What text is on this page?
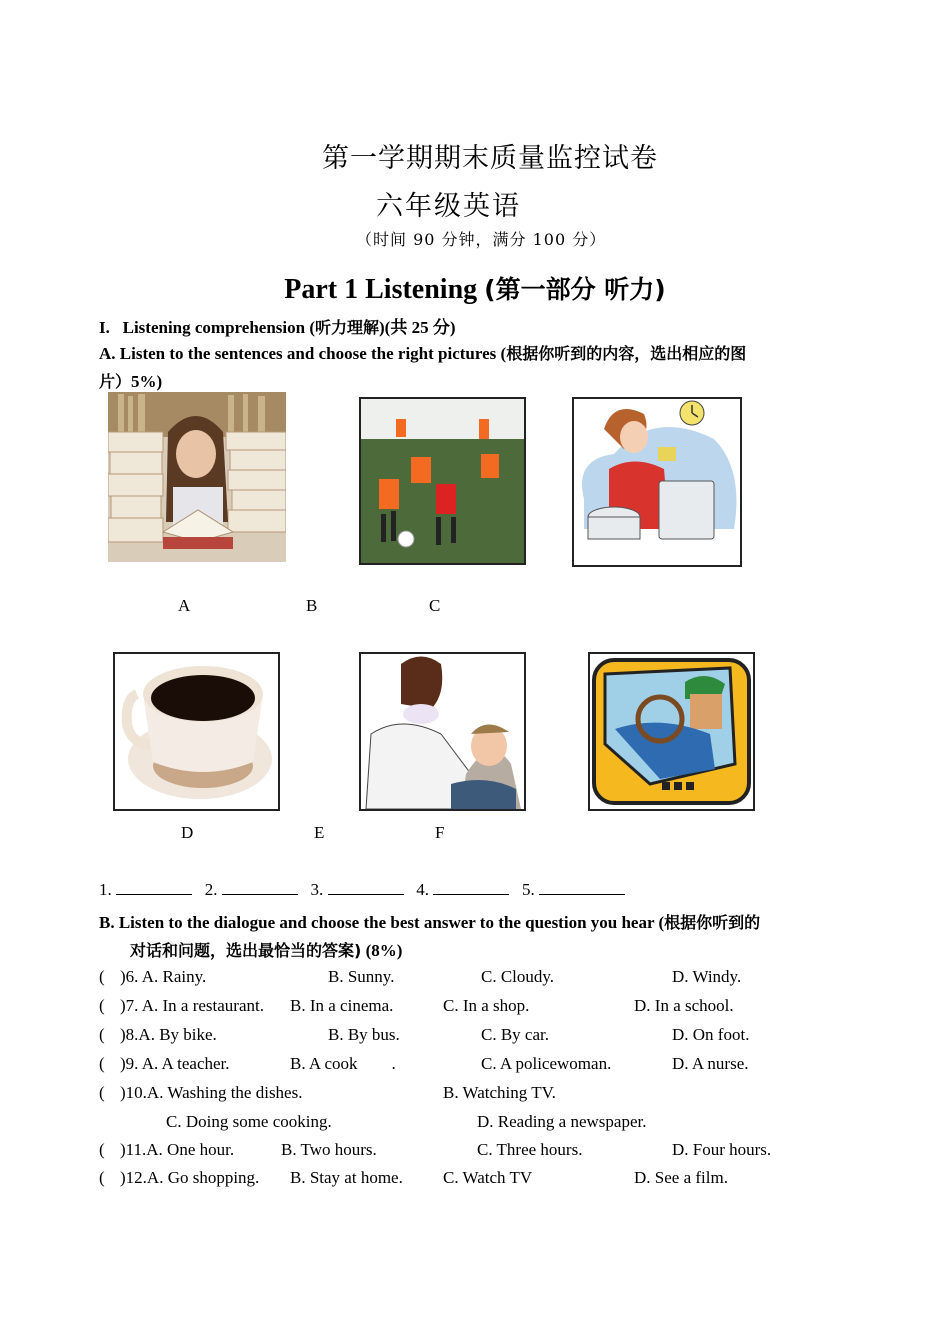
第一学期期末质量监控试卷
六年级英语
（时间 90 分钟，满分 100 分）
Part 1 Listening (第一部分 听力)
I. Listening comprehension (听力理解)(共 25 分)
A. Listen to the sentences and choose the right pictures (根据你听到的内容，选出相应的图
片）5%)
A	B	C
D	E	F
1.	2.	3.	4.	5.
B. Listen to the dialogue and choose the best answer to the question you hear (根据你听到的
对话和问题，选出最恰当的答案) (8%)
( )6. A. Rainy.	B. Sunny.	C. Cloudy.	D. Windy.
( )7. A. In a restaurant. B. In a cinema.	C. In a shop.	D. In a school.
( )8.A. By bike.	B. By bus.	C. By car.	D. On foot.
( )9. A. A teacher.	B. A cook        .	C. A policewoman.	D. A nurse.
( )10.A. Washing the dishes.	B. Watching TV.
C. Doing some cooking.	D. Reading a newspaper.
( )11.A. One hour.	B. Two hours.	C. Three hours.	D. Four hours.
( )12.A. Go shopping. B. Stay at home. C. Watch TV	D. See a film.
